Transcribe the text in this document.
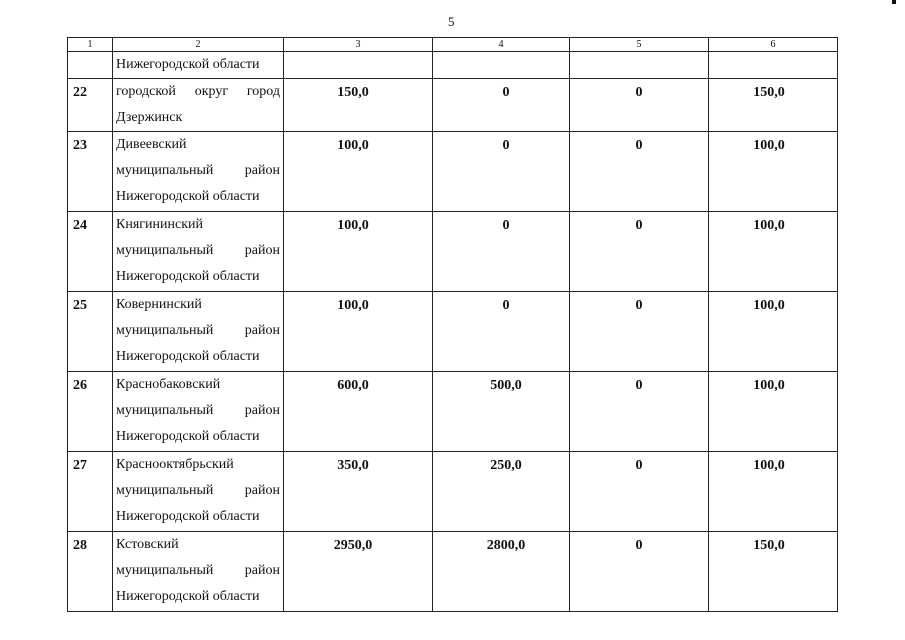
5
1	2	3	4	5	6

	Нижегородской области				

22	городской округ город
Дзержинск	150,0	0	0	150,0
23	Дивеевский
муниципальный район
Нижегородской области	100,0	0	0	100,0
24	Княгининский
муниципальный район
Нижегородской области	100,0	0	0	100,0
25	Ковернинский
муниципальный район
Нижегородской области	100,0	0	0	100,0
26	Краснобаковский
муниципальный район
Нижегородской области	600,0	500,0	0	100,0
27	Краснооктябрьский
муниципальный район
Нижегородской области	350,0	250,0	0	100,0
28	Кстовский
муниципальный район
Нижегородской области	2950,0	2800,0	0	150,0
